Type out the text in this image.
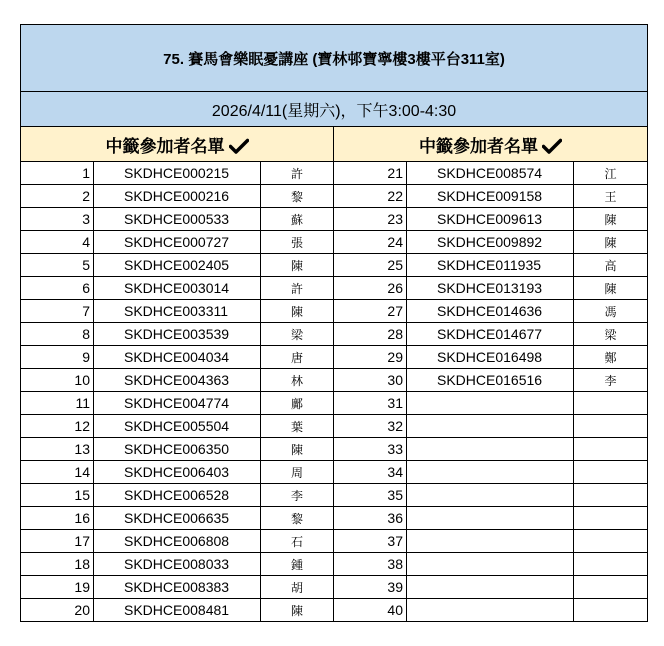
75. 賽馬會樂眠憂講座 (寶林邨寶寧樓3樓平台311室)					
2026/4/11(星期六)，下午3:00-4:30					
中籤參加者名單			中籤參加者名單		
1	SKDHCE000215	許	21	SKDHCE008574	江
2	SKDHCE000216	黎	22	SKDHCE009158	王
3	SKDHCE000533	蘇	23	SKDHCE009613	陳
4	SKDHCE000727	張	24	SKDHCE009892	陳
5	SKDHCE002405	陳	25	SKDHCE011935	高
6	SKDHCE003014	許	26	SKDHCE013193	陳
7	SKDHCE003311	陳	27	SKDHCE014636	馮
8	SKDHCE003539	梁	28	SKDHCE014677	梁
9	SKDHCE004034	唐	29	SKDHCE016498	鄭
10	SKDHCE004363	林	30	SKDHCE016516	李
11	SKDHCE004774	鄺	31		
12	SKDHCE005504	葉	32		
13	SKDHCE006350	陳	33		
14	SKDHCE006403	周	34		
15	SKDHCE006528	李	35		
16	SKDHCE006635	黎	36		
17	SKDHCE006808	石	37		
18	SKDHCE008033	鍾	38		
19	SKDHCE008383	胡	39		
20	SKDHCE008481	陳	40		
